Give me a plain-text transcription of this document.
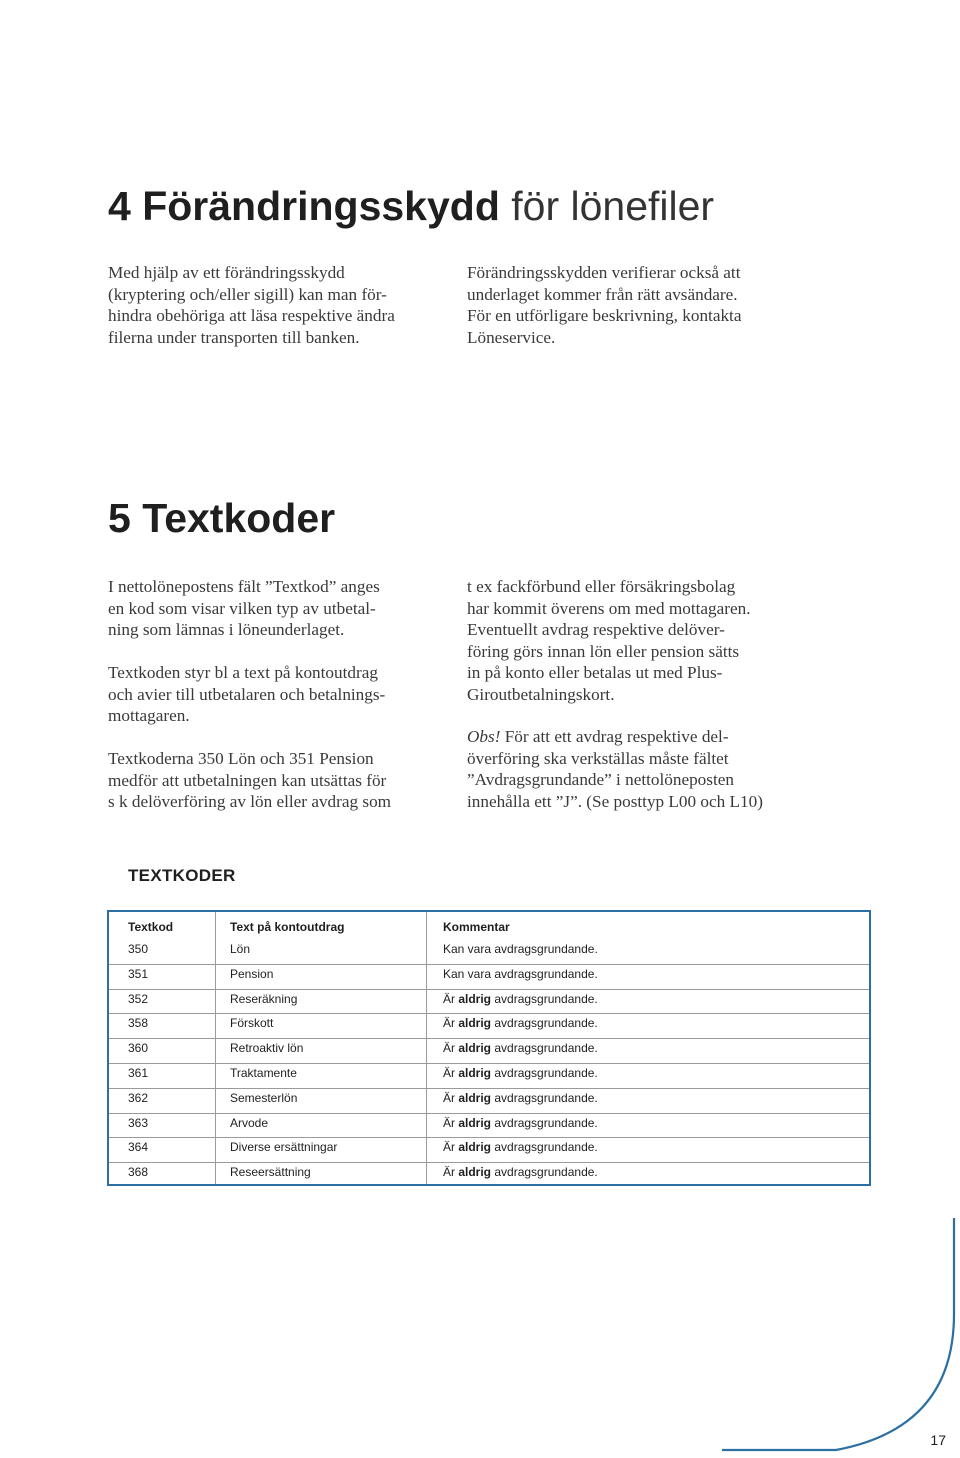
4 Förändringsskydd för lönefiler

Med hjälp av ett förändringsskydd
(kryptering och/eller sigill) kan man för-
hindra obehöriga att läsa respektive ändra
filerna under transporten till banken.

Förändringsskydden verifierar också att
underlaget kommer från rätt avsändare.
För en utförligare beskrivning, kontakta
Löneservice.

5 Textkoder

I nettolönepostens fält ”Textkod” anges
en kod som visar vilken typ av utbetal-
ning som lämnas i löneunderlaget.

Textkoden styr bl a text på kontoutdrag
och avier till utbetalaren och betalnings-
mottagaren.

Textkoderna 350 Lön och 351 Pension
medför att utbetalningen kan utsättas för
s k delöverföring av lön eller avdrag som

t ex fackförbund eller försäkringsbolag
har kommit överens om med mottagaren.
Eventuellt avdrag respektive delöver-
föring görs innan lön eller pension sätts
in på konto eller betalas ut med Plus-
Giroutbetalningskort.

Obs! För att ett avdrag respektive del-
överföring ska verkställas måste fältet
”Avdragsgrundande” i nettolöneposten
innehålla ett ”J”. (Se posttyp L00 och L10)

TEXTKODER
Textkod	Text på kontoutdrag	Kommentar
350	Lön	Kan vara avdragsgrundande.
351	Pension	Kan vara avdragsgrundande.
352	Reseräkning	Är aldrig avdragsgrundande.
358	Förskott	Är aldrig avdragsgrundande.
360	Retroaktiv lön	Är aldrig avdragsgrundande.
361	Traktamente	Är aldrig avdragsgrundande.
362	Semesterlön	Är aldrig avdragsgrundande.
363	Arvode	Är aldrig avdragsgrundande.
364	Diverse ersättningar	Är aldrig avdragsgrundande.
368	Reseersättning	Är aldrig avdragsgrundande.
17
